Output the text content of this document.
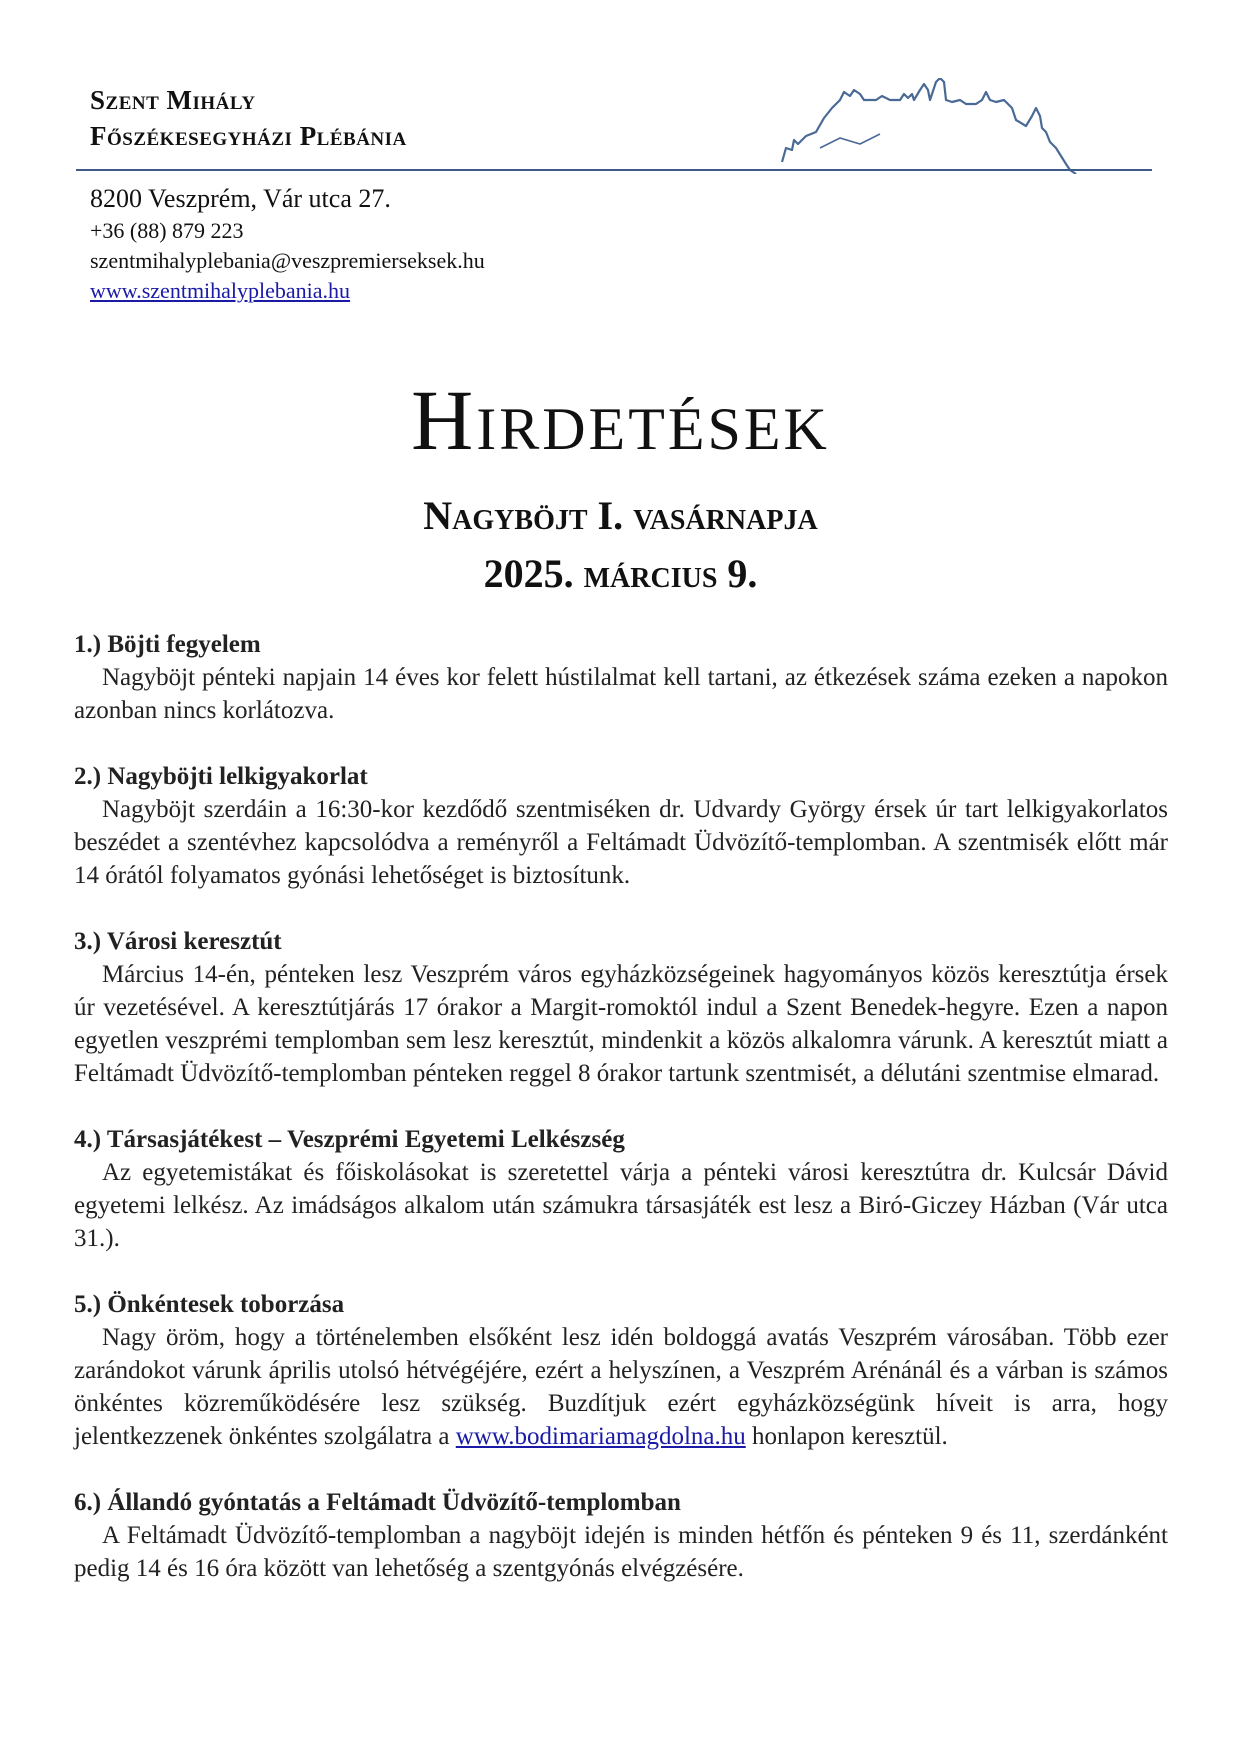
Szent Mihály
Főszékesegyházi Plébánia
8200 Veszprém, Vár utca 27.
+36 (88) 879 223
szentmihalyplebania@veszpremierseksek.hu
www.szentmihalyplebania.hu
Hirdetések
Nagyböjt I. vasárnapja
2025. március 9.
1.) Böjti fegyelem
Nagyböjt pénteki napjain 14 éves kor felett hústilalmat kell tartani, az étkezések száma ezeken a napokon azonban nincs korlátozva.
2.) Nagyböjti lelkigyakorlat
Nagyböjt szerdáin a 16:30-kor kezdődő szentmiséken dr. Udvardy György érsek úr tart lelkigyakorlatos beszédet a szentévhez kapcsolódva a reményről a Feltámadt Üdvözítő-templomban. A szentmisék előtt már 14 órától folyamatos gyónási lehetőséget is biztosítunk.
3.) Városi keresztút
Március 14-én, pénteken lesz Veszprém város egyházközségeinek hagyományos közös keresztútja érsek úr vezetésével. A keresztútjárás 17 órakor a Margit-romoktól indul a Szent Benedek-hegyre. Ezen a napon egyetlen veszprémi templomban sem lesz keresztút, mindenkit a közös alkalomra várunk. A keresztút miatt a Feltámadt Üdvözítő-templomban pénteken reggel 8 órakor tartunk szentmisét, a délutáni szentmise elmarad.
4.) Társasjátékest – Veszprémi Egyetemi Lelkészség
Az egyetemistákat és főiskolásokat is szeretettel várja a pénteki városi keresztútra dr. Kulcsár Dávid egyetemi lelkész. Az imádságos alkalom után számukra társasjáték est lesz a Biró-Giczey Házban (Vár utca 31.).
5.) Önkéntesek toborzása
Nagy öröm, hogy a történelemben elsőként lesz idén boldoggá avatás Veszprém városában. Több ezer zarándokot várunk április utolsó hétvégéjére, ezért a helyszínen, a Veszprém Arénánál és a várban is számos önkéntes közreműködésére lesz szükség. Buzdítjuk ezért egyházközségünk híveit is arra, hogy jelentkezzenek önkéntes szolgálatra a www.bodimariamagdolna.hu honlapon keresztül.
6.) Állandó gyóntatás a Feltámadt Üdvözítő-templomban
A Feltámadt Üdvözítő-templomban a nagyböjt idején is minden hétfőn és pénteken 9 és 11, szerdánként pedig 14 és 16 óra között van lehetőség a szentgyónás elvégzésére.
